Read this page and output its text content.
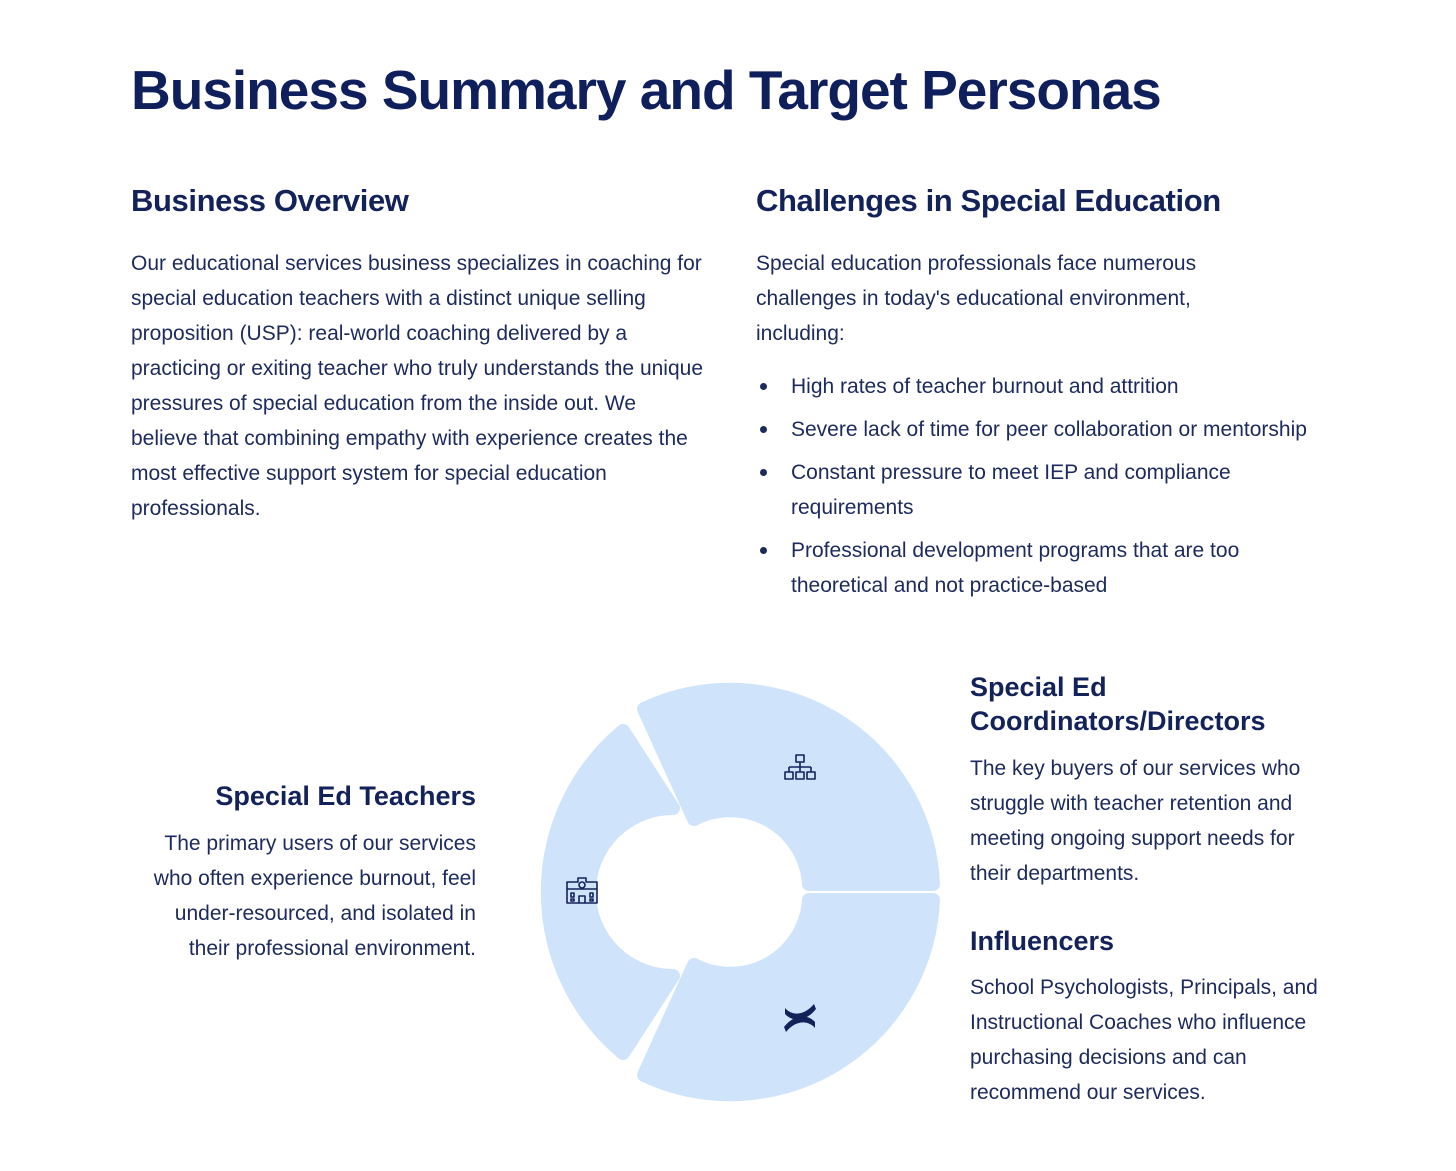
Business Summary and Target Personas
Business Overview

Our educational services business specializes in coaching for special education teachers with a distinct unique selling proposition (USP): real-world coaching delivered by a practicing or exiting teacher who truly understands the unique pressures of special education from the inside out. We believe that combining empathy with experience creates the most effective support system for special education professionals.

Challenges in Special Education

Special education professionals face numerous challenges in today's educational environment, including:

High rates of teacher burnout and attrition
Severe lack of time for peer collaboration or mentorship
Constant pressure to meet IEP and compliance requirements
Professional development programs that are too theoretical and not practice-based
Special Ed Teachers

The primary users of our services who often experience burnout, feel under-resourced, and isolated in their professional environment.

Special Ed Coordinators/Directors

The key buyers of our services who struggle with teacher retention and meeting ongoing support needs for their departments.

Influencers

School Psychologists, Principals, and Instructional Coaches who influence purchasing decisions and can recommend our services.
